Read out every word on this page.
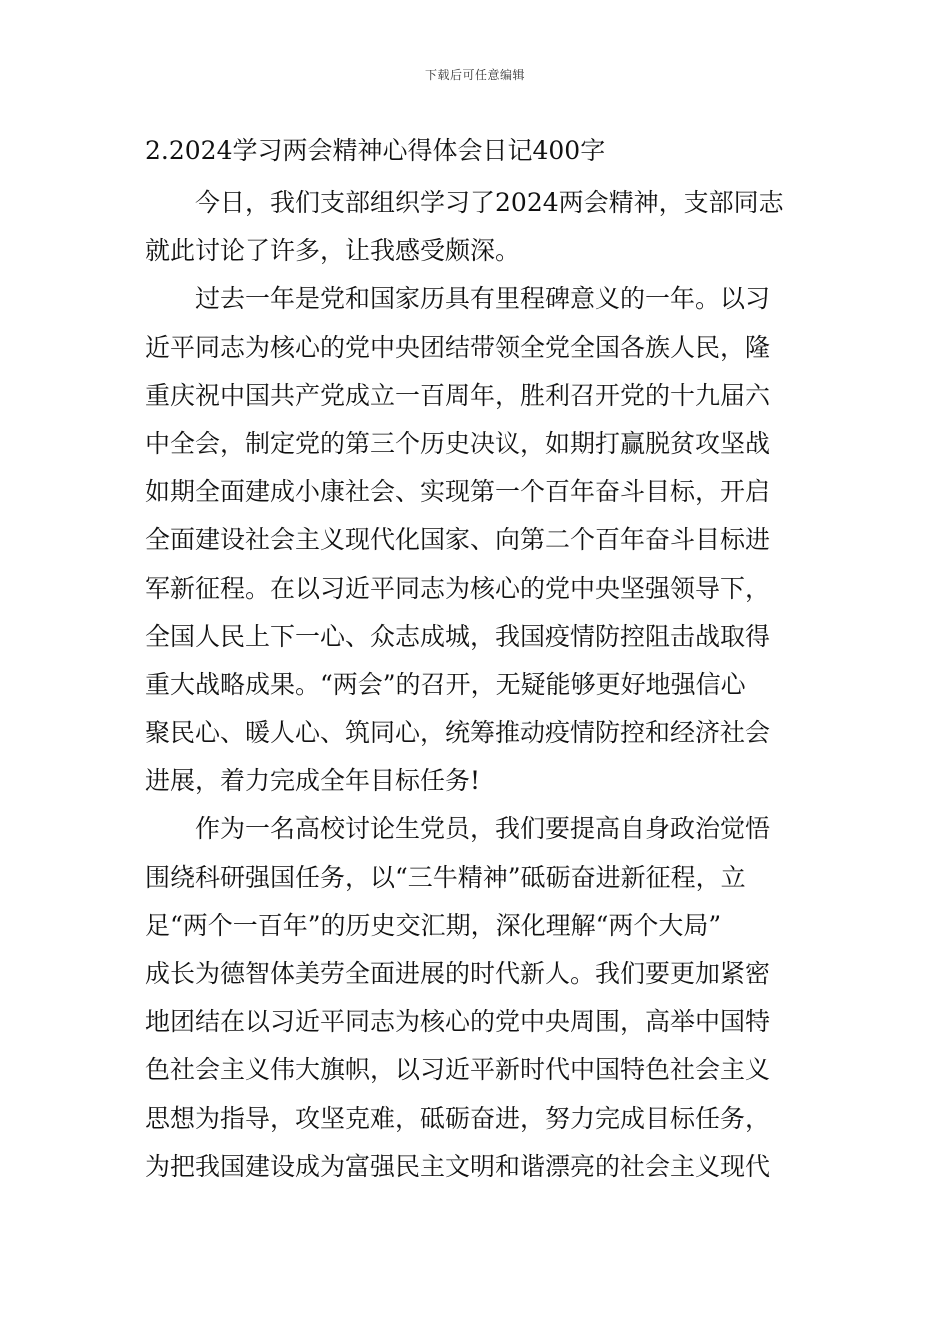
下载后可任意编辑
2.2024学习两会精神心得体会日记400字
今日，我们支部组织学习了2024两会精神，支部同志
就此讨论了许多，让我感受颇深。
过去一年是党和国家历具有里程碑意义的一年。以习
近平同志为核心的党中央团结带领全党全国各族人民，隆
重庆祝中国共产党成立一百周年，胜利召开党的十九届六
中全会，制定党的第三个历史决议，如期打赢脱贫攻坚战
如期全面建成小康社会、实现第一个百年奋斗目标，开启
全面建设社会主义现代化国家、向第二个百年奋斗目标进
军新征程。在以习近平同志为核心的党中央坚强领导下，
全国人民上下一心、众志成城，我国疫情防控阻击战取得
重大战略成果。“两会”的召开，无疑能够更好地强信心
聚民心、暖人心、筑同心，统筹推动疫情防控和经济社会
进展，着力完成全年目标任务!
作为一名高校讨论生党员，我们要提高自身政治觉悟
围绕科研强国任务，以“三牛精神”砥砺奋进新征程，立
足“两个一百年”的历史交汇期，深化理解“两个大局”
成长为德智体美劳全面进展的时代新人。我们要更加紧密
地团结在以习近平同志为核心的党中央周围，高举中国特
色社会主义伟大旗帜，以习近平新时代中国特色社会主义
思想为指导，攻坚克难，砥砺奋进，努力完成目标任务，
为把我国建设成为富强民主文明和谐漂亮的社会主义现代
